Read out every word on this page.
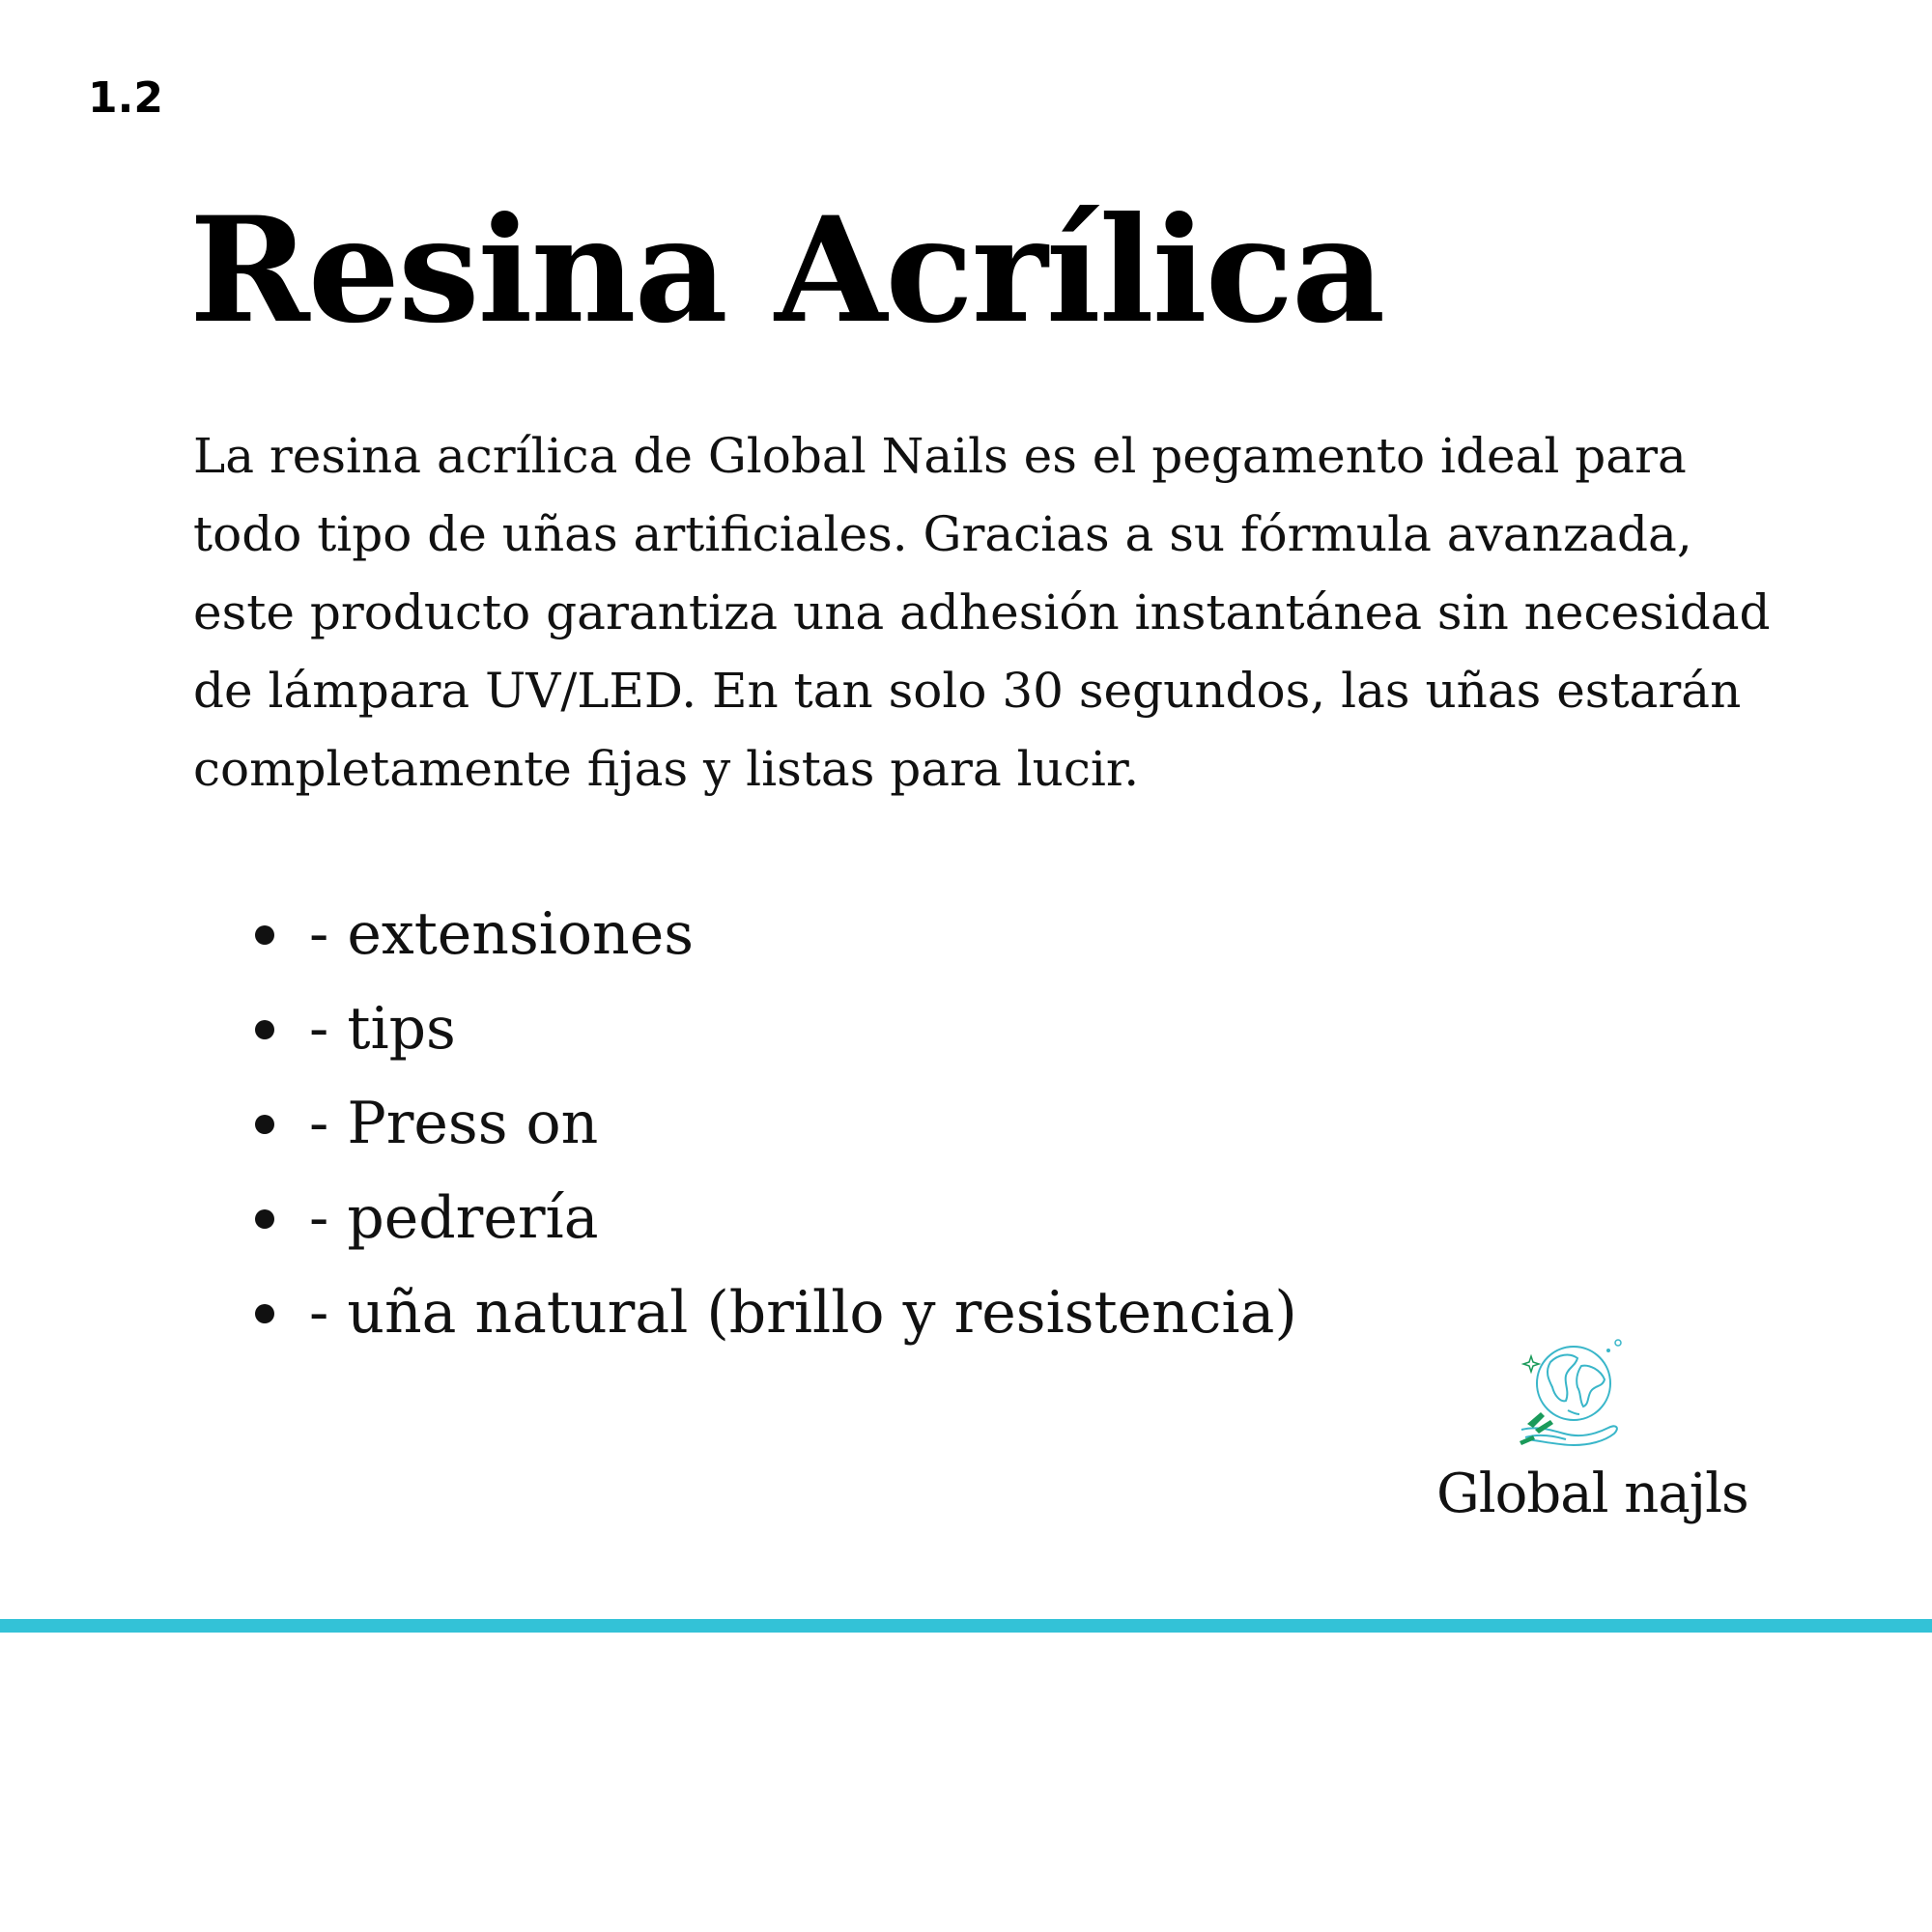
1.2
Resina Acrílica

La resina acrílica de Global Nails es el pegamento ideal para todo tipo de uñas artificiales. Gracias a su fórmula avanzada, este producto garantiza una adhesión instantánea sin necesidad de lámpara UV/LED. En tan solo 30 segundos, las uñas estarán completamente fijas y listas para lucir.

- extensiones
- tips
- Press on
- pedrería
- uña natural (brillo y resistencia)
Global najls
